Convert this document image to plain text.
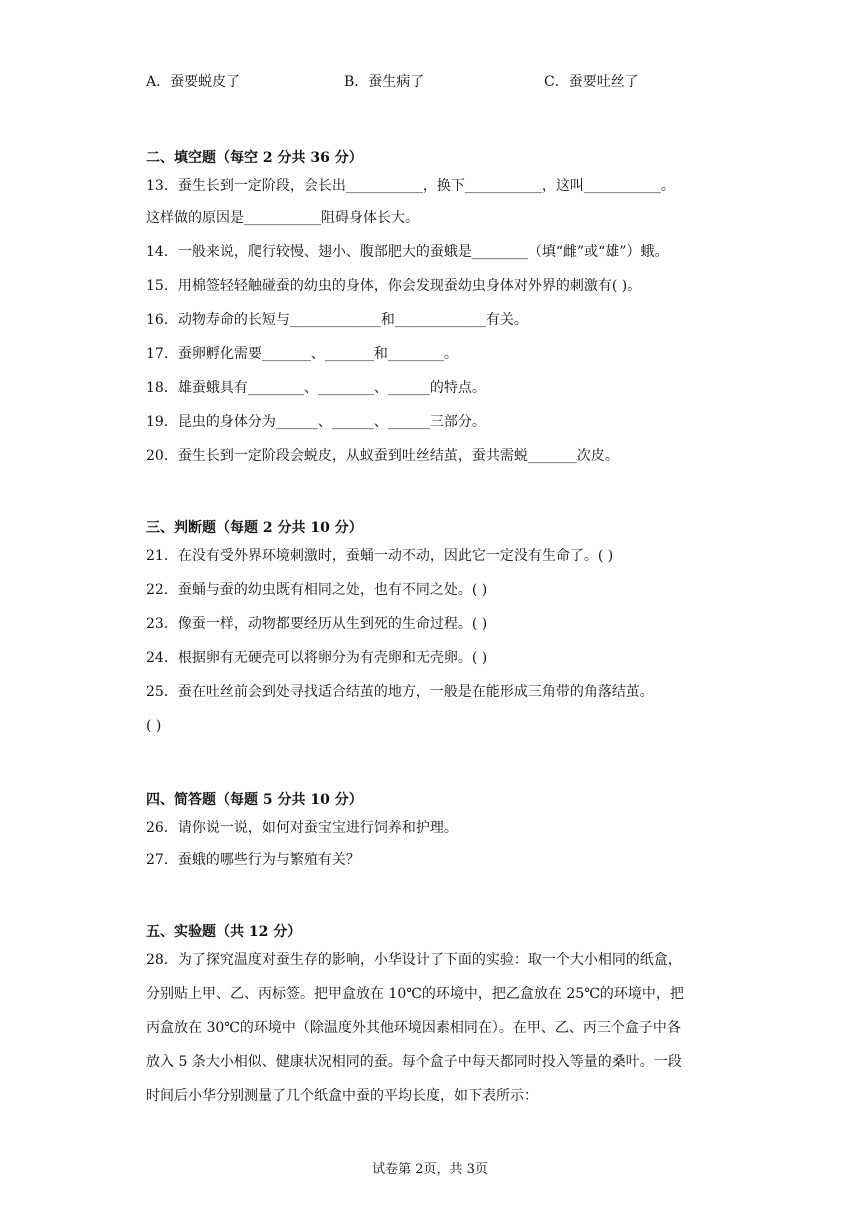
A．蚕要蜕皮了	B．蚕生病了	C．蚕要吐丝了
二、填空题（每空 2 分共 36 分）
13．蚕生长到一定阶段，会长出___________，换下___________，这叫___________。
这样做的原因是___________阻碍身体长大。
14．一般来说，爬行较慢、翅小、腹部肥大的蚕蛾是________（填“雌”或“雄”）蛾。
15．用棉签轻轻触碰蚕的幼虫的身体，你会发现蚕幼虫身体对外界的刺激有( )。
16．动物寿命的长短与_____________和_____________有关。
17．蚕卵孵化需要_______、_______和________。
18．雄蚕蛾具有________、________、______的特点。
19．昆虫的身体分为______、______、______三部分。
20．蚕生长到一定阶段会蜕皮，从蚁蚕到吐丝结茧，蚕共需蜕_______次皮。
三、判断题（每题 2 分共 10 分）
21．在没有受外界环境刺激时，蚕蛹一动不动，因此它一定没有生命了。( )
22．蚕蛹与蚕的幼虫既有相同之处，也有不同之处。( )
23．像蚕一样，动物都要经历从生到死的生命过程。( )
24．根据卵有无硬壳可以将卵分为有壳卵和无壳卵。( )
25．蚕在吐丝前会到处寻找适合结茧的地方，一般是在能形成三角带的角落结茧。
( )
四、简答题（每题 5 分共 10 分）
26．请你说一说，如何对蚕宝宝进行饲养和护理。
27．蚕蛾的哪些行为与繁殖有关？
五、实验题（共 12 分）
28．为了探究温度对蚕生存的影响，小华设计了下面的实验：取一个大小相同的纸盒，
分别贴上甲、乙、丙标签。把甲盒放在 10℃的环境中，把乙盒放在 25℃的环境中，把
丙盒放在 30℃的环境中（除温度外其他环境因素相同在）。在甲、乙、丙三个盒子中各
放入 5 条大小相似、健康状况相同的蚕。每个盒子中每天都同时投入等量的桑叶。一段
时间后小华分别测量了几个纸盒中蚕的平均长度，如下表所示：
试卷第 2页，共 3页
